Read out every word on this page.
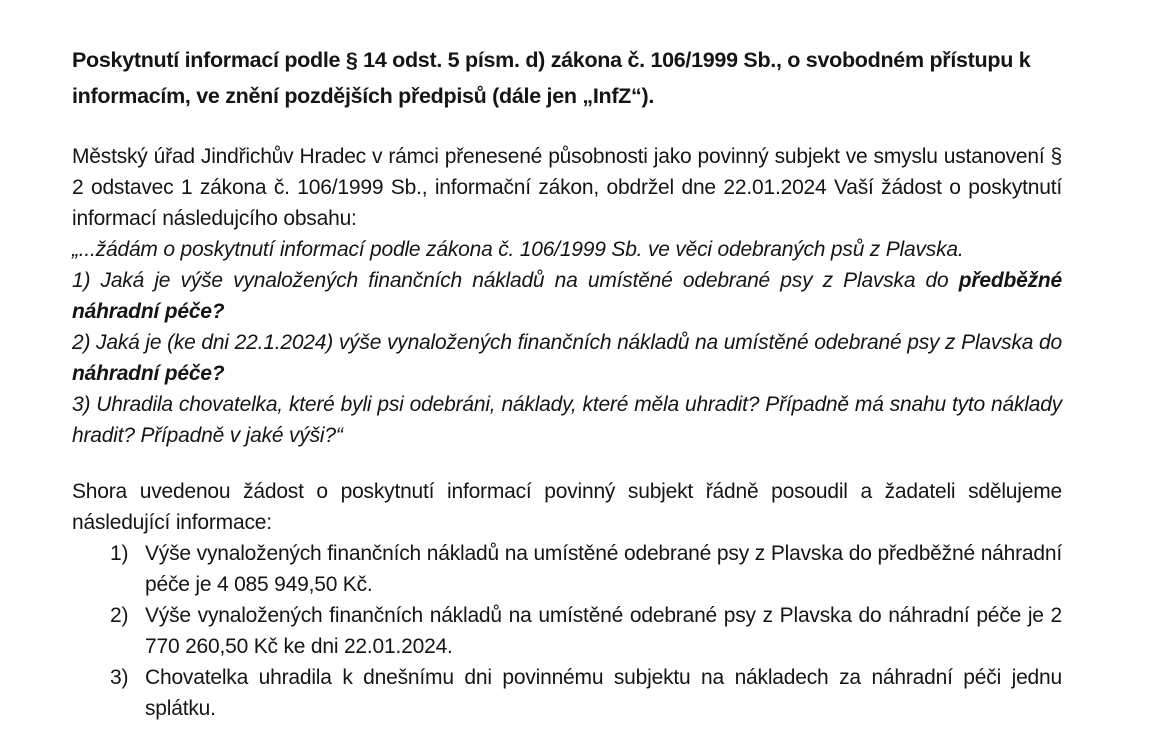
Poskytnutí informací podle § 14 odst. 5 písm. d) zákona č. 106/1999 Sb., o svobodném přístupu k informacím, ve znění pozdějších předpisů (dále jen „InfZ“).

Městský úřad Jindřichův Hradec v rámci přenesené působnosti jako povinný subjekt ve smyslu ustanovení § 2 odstavec 1 zákona č. 106/1999 Sb., informační zákon, obdržel dne 22.01.2024 Vaší žádost o poskytnutí informací následujcího obsahu:

„...žádám o poskytnutí informací podle zákona č. 106/1999 Sb. ve věci odebraných psů z Plavska.

1) Jaká je výše vynaložených finančních nákladů na umístěné odebrané psy z Plavska do předběžné náhradní péče?

2) Jaká je (ke dni 22.1.2024) výše vynaložených finančních nákladů na umístěné odebrané psy z Plavska do náhradní péče?

3) Uhradila chovatelka, které byli psi odebráni, náklady, které měla uhradit? Případně má snahu tyto náklady hradit? Případně v jaké výši?“

Shora uvedenou žádost o poskytnutí informací povinný subjekt řádně posoudil a žadateli sdělujeme následující informace:

1) Výše vynaložených finančních nákladů na umístěné odebrané psy z Plavska do předběžné náhradní péče je 4 085 949,50 Kč.
2) Výše vynaložených finančních nákladů na umístěné odebrané psy z Plavska do náhradní péče je 2 770 260,50 Kč ke dni 22.01.2024.
3) Chovatelka uhradila k dnešnímu dni povinnému subjektu na nákladech za náhradní péči jednu splátku.
